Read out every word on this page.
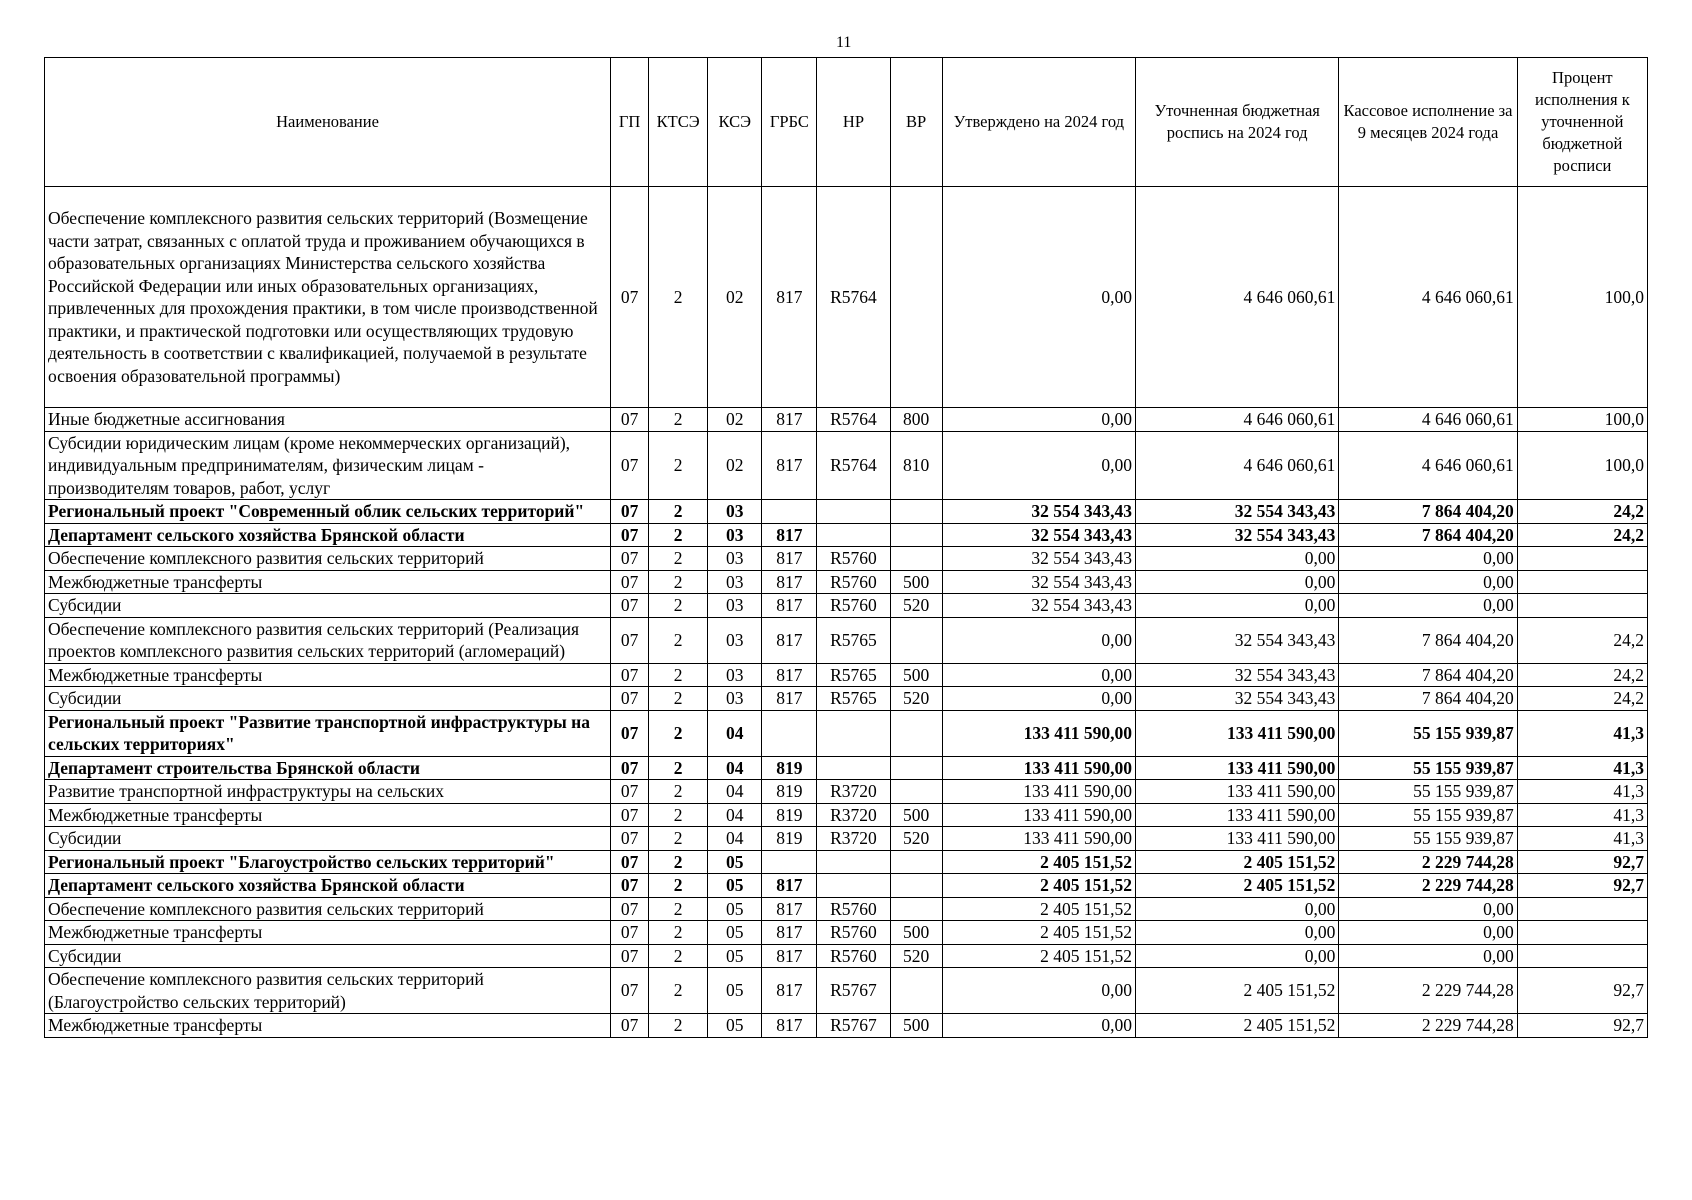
11
Наименование	ГП	КТСЭ	КСЭ	ГРБС	НР	ВР	Утверждено на 2024 год	Уточненная бюджетная роспись на 2024 год	Кассовое исполнение за 9 месяцев 2024 года	Процент исполнения к уточненной бюджетной росписи
Обеспечение комплексного развития сельских территорий (Возмещение части затрат, связанных с оплатой труда и проживанием обучающихся в образовательных организациях Министерства сельского хозяйства Российской Федерации или иных образовательных организациях, привлеченных для прохождения практики, в том числе производственной практики, и практической подготовки или осуществляющих трудовую деятельность в соответствии с квалификацией, получаемой в результате освоения образовательной программы)	07	2	02	817	R5764		0,00	4 646 060,61	4 646 060,61	100,0
Иные бюджетные ассигнования	07	2	02	817	R5764	800	0,00	4 646 060,61	4 646 060,61	100,0
Субсидии юридическим лицам (кроме некоммерческих организаций), индивидуальным предпринимателям, физическим лицам - производителям товаров, работ, услуг	07	2	02	817	R5764	810	0,00	4 646 060,61	4 646 060,61	100,0
Региональный проект "Современный облик сельских территорий"	07	2	03				32 554 343,43	32 554 343,43	7 864 404,20	24,2
Департамент сельского хозяйства Брянской области	07	2	03	817			32 554 343,43	32 554 343,43	7 864 404,20	24,2
Обеспечение комплексного развития сельских территорий	07	2	03	817	R5760		32 554 343,43	0,00	0,00	
Межбюджетные трансферты	07	2	03	817	R5760	500	32 554 343,43	0,00	0,00	
Субсидии	07	2	03	817	R5760	520	32 554 343,43	0,00	0,00	
Обеспечение комплексного развития сельских территорий (Реализация проектов комплексного развития сельских территорий (агломераций)	07	2	03	817	R5765		0,00	32 554 343,43	7 864 404,20	24,2
Межбюджетные трансферты	07	2	03	817	R5765	500	0,00	32 554 343,43	7 864 404,20	24,2
Субсидии	07	2	03	817	R5765	520	0,00	32 554 343,43	7 864 404,20	24,2
Региональный проект "Развитие транспортной инфраструктуры на сельских территориях"	07	2	04				133 411 590,00	133 411 590,00	55 155 939,87	41,3
Департамент строительства Брянской области	07	2	04	819			133 411 590,00	133 411 590,00	55 155 939,87	41,3
Развитие транспортной инфраструктуры на сельских	07	2	04	819	R3720		133 411 590,00	133 411 590,00	55 155 939,87	41,3
Межбюджетные трансферты	07	2	04	819	R3720	500	133 411 590,00	133 411 590,00	55 155 939,87	41,3
Субсидии	07	2	04	819	R3720	520	133 411 590,00	133 411 590,00	55 155 939,87	41,3
Региональный проект "Благоустройство сельских территорий"	07	2	05				2 405 151,52	2 405 151,52	2 229 744,28	92,7
Департамент сельского хозяйства Брянской области	07	2	05	817			2 405 151,52	2 405 151,52	2 229 744,28	92,7
Обеспечение комплексного развития сельских территорий	07	2	05	817	R5760		2 405 151,52	0,00	0,00	
Межбюджетные трансферты	07	2	05	817	R5760	500	2 405 151,52	0,00	0,00	
Субсидии	07	2	05	817	R5760	520	2 405 151,52	0,00	0,00	
Обеспечение комплексного развития сельских территорий (Благоустройство сельских территорий)	07	2	05	817	R5767		0,00	2 405 151,52	2 229 744,28	92,7
Межбюджетные трансферты	07	2	05	817	R5767	500	0,00	2 405 151,52	2 229 744,28	92,7
